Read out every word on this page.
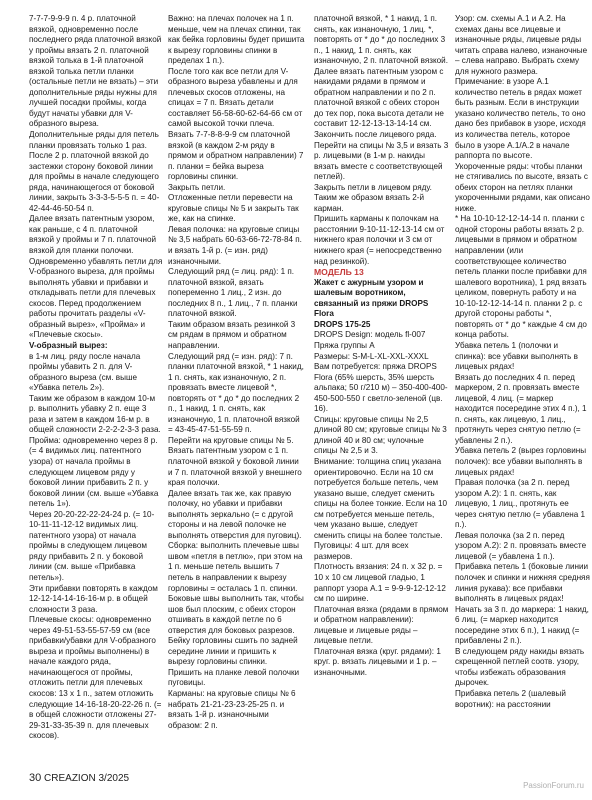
7-7-7-9-9-9 п. 4 р. платочной вязкой, одновременно после последнего ряда платочной вязкой у проймы вязать 2 п. платочной вязкой толька в 1-й платочной вязкой толька петли планки (остальные петли не вязать) – эти дополнительные ряды нужны для лучшей посадки проймы, когда будут начаты убавки для V-образного выреза.

Дополнительные ряды для петель планки провязать только 1 раз.

После 2 р. платочной вязкой до застежки сторону боковой линии для проймы в начале следующего ряда, начинающегося от боковой линии, закрыть 3-3-3-5-5-5 п. = 40-42-44-46-50-54 п.

Далее вязать патентным узором, как раньше, с 4 п. платочной вязкой у проймы и 7 п. платочной вязкой для планки полочки.

Одновременно убавлять петли для V-образного выреза, для проймы выполнять убавки и прибавки и откладывать петли для плечевых скосов. Перед продолжением работы прочитать разделы «V-образный вырез», «Пройма» и «Плечевые скосы».

V-образный вырез:

в 1-м лиц. ряду после начала проймы убавить 2 п. для V-образного выреза (см. выше «Убавка петель 2»).

Таким же образом в каждом 10-м р. выполнить убавку 2 п. еще 3 раза и затем в каждом 16-м р. в общей сложности 2-2-2-2-3-3 раза.

Пройма: одновременно через 8 р. (= 4 видимых лиц. патентного узора) от начала проймы в следующем лицевом ряду у боковой линии прибавить 2 п. у боковой линии (см. выше «Убавка петель 1»).

Через 20-20-22-22-24-24 р. (= 10-10-11-11-12-12 видимых лиц. патентного узора) от начала проймы в следующем лицевом ряду прибавить 2 п. у боковой линии (см. выше «Прибавка петель»).

Эти прибавки повторять в каждом 12-12-14-14-16-16-м р. в общей сложности 3 раза.

Плечевые скосы: одновременно через 49-51-53-55-57-59 см (все прибавки/убавки для V-образного выреза и проймы выполнены) в начале каждого ряда, начинающегося от проймы, отложить петли для плечевых скосов: 13 x 1 п., затем отложить следующие 14-16-18-20-22-26 п. (= в общей сложности отложены 27-29-31-33-35-39 п. для плечевых скосов).

Важно: на плечах полочек на 1 п. меньше, чем на плечах спинки, так как бейка горловины будет пришита к вырезу горловины спинки в пределах 1 п.).

После того как все петли для V-образного выреза убавлены и для плечевых скосов отложены, на спицах = 7 п. Вязать детали составляет 56-58-60-62-64-66 см от самой высокой точки плеча.

Вязать 7-7-8-8-9-9 см платочной вязкой (в каждом 2-м ряду в прямом и обратном направлении) 7 п. планки = бейка выреза горловины спинки.

Закрыть петли.

Отложенные петли перевести на круговые спицы № 5 и закрыть так же, как на спинке.

Левая полочка: на круговые спицы № 3,5 набрать 60-63-66-72-78-84 п. и вязать 1-й р. (= изн. ряд) изнаночными.

Следующий ряд (= лиц. ряд): 1 п. платочной вязкой, вязать попеременно 1 лиц., 2 изн. до последних 8 п., 1 лиц., 7 п. планки платочной вязкой.

Таким образом вязать резинкой 3 см рядам в прямом и обратном направлении.

Следующий ряд (= изн. ряд): 7 п. планки платочной вязкой, * 1 накид, 1 п. снять, как изнаночную, 2 п. провязать вместе лицевой *, повторять от * до * до последних 2 п., 1 накид, 1 п. снять, как изнаночную, 1 п. платочной вязкой = 43-45-47-51-55-59 п.

Перейти на круговые спицы № 5. Вязать патентным узором с 1 п. платочной вязкой у боковой линии и 7 п. платочной вязкой у внешнего края полочки.

Далее вязать так же, как правую полочку, но убавки и прибавки выполнять зеркально (= с другой стороны и на левой полочке не выполнять отверстия для пуговиц).

Сборка: выполнить плечевые швы швом «петля в петлю», при этом на 1 п. меньше петель вышить 7 петель в направлении к вырезу горловины = осталась 1 п. спинки. Боковые швы выполнить так, чтобы шов был плоским, с обеих сторон отшивать в каждой петле по 6 отверстия для боковых разрезов.

Бейку горловины сшить по задней середине линии и пришить к вырезу горловины спинки.

Пришить на планке левой полочки пуговицы.

Карманы: на круговые спицы № 6 набрать 21-21-23-23-25-25 п. и вязать 1-й р. изнаночными образом: 2 п.

платочной вязкой, * 1 накид, 1 п. снять, как изнаночную, 1 лиц. *, повторять от * до * до последних 3 п., 1 накид, 1 п. снять, как изнаночную, 2 п. платочной вязкой.

Далее вязать патентным узором с накидами рядами в прямом и обратном направлении и по 2 п. платочной вязкой с обеих сторон до тех пор, пока высота детали не составит 12-12-13-13-14-14 см. Закончить после лицевого ряда.

Перейти на спицы № 3,5 и вязать 3 р. лицевыми (в 1-м р. накиды вязать вместе с соответствующей петлей).

Закрыть петли в лицевом ряду.

Таким же образом вязать 2-й карман.

Пришить карманы к полочкам на расстоянии 9-10-11-12-13-14 см от нижнего края полочки и 3 см от нижнего края (= непосредственно над резинкой).

МОДЕЛЬ 13

Жакет с ажурным узором и шалевым воротником, связанный из пряжи DROPS Flora

DROPS 175-25

DROPS Design: модель fl-007 Пряжа группы A

Размеры: S-M-L-XL-XXL-XXXL

Вам потребуется: пряжа DROPS Flora (65% шерсть, 35% шерсть альпака; 50 г/210 м) – 350-400-400-450-500-550 г светло-зеленой (цв. 16).

Спицы: круговые спицы № 2,5 длиной 80 см; круговые спицы № 3 длиной 40 и 80 см; чулочные спицы № 2,5 и 3.

Внимание: толщина спиц указана ориентировочно. Если на 10 см потребуется больше петель, чем указано выше, следует сменить спицы на более тонкие. Если на 10 см потребуется меньше петель, чем указано выше, следует сменить спицы на более толстые.

Пуговицы: 4 шт. для всех размеров.

Плотность вязания: 24 п. x 32 р. = 10 x 10 см лицевой гладью, 1 раппорт узора A.1 = 9-9-9-12-12-12 см по ширине.

Платочная вязка (рядами в прямом и обратном направлении): лицевые и лицевые ряды – лицевые петли.

Платочная вязка (круг. рядами): 1 круг. р. вязать лицевыми и 1 р. – изнаночными.

Узор: см. схемы A.1 и A.2. На схемах даны все лицевые и изнаночные ряды, лицевые ряды читать справа налево, изнаночные – слева направо. Выбрать схему для нужного размера.

Примечание: в узоре A.1 количество петель в рядах может быть разным. Если в инструкции указано количество петель, то оно дано без прибавок в узоре, исходя из количества петель, которое было в узоре A.1/A.2 в начале раппорта по высоте.

Укороченные ряды: чтобы планки не стягивались по высоте, вязать с обеих сторон на петлях планки укороченными рядами, как описано ниже.

* На 10-10-12-12-14-14 п. планки с одной стороны работы вязать 2 р. лицевыми в прямом и обратном направлении (или соответствующее количество петель планки после прибавки для шалевого воротника), 1 ряд вязать целиком, повернуть работу и на 10-10-12-12-14-14 п. планки 2 р. с другой стороны работы *, повторять от * до * каждые 4 см до конца работы.

Убавка петель 1 (полочки и спинка): все убавки выполнять в лицевых рядах!

Вязать до последних 4 п. перед маркером, 2 п. провязать вместе лицевой, 4 лиц. (= маркер находится посередине этих 4 п.), 1 п. снять, как лицевую, 1 лиц., протянуть через снятую петлю (= убавлены 2 п.).

Убавка петель 2 (вырез горловины полочек): все убавки выполнять в лицевых рядах!

Правая полочка (за 2 п. перед узором A.2): 1 п. снять, как лицевую, 1 лиц., протянуть ее через снятую петлю (= убавлена 1 п.).

Левая полочка (за 2 п. перед узором A.2): 2 п. провязать вместе лицевой (= убавлена 1 п.).

Прибавка петель 1 (боковые линии полочек и спинки и нижняя средняя линия рукава): все прибавки выполнять в лицевых рядах!

Начать за 3 п. до маркера: 1 накид, 6 лиц. (= маркер находится посередине этих 6 п.), 1 накид (= прибавлены 2 п.).

В следующем ряду накиды вязать скрещенной петлей соотв. узору, чтобы избежать образования дырочек.

Прибавка петель 2 (шалевый воротник): на расстоянии

30 CREAZION 3/2025
PassionForum.ru
